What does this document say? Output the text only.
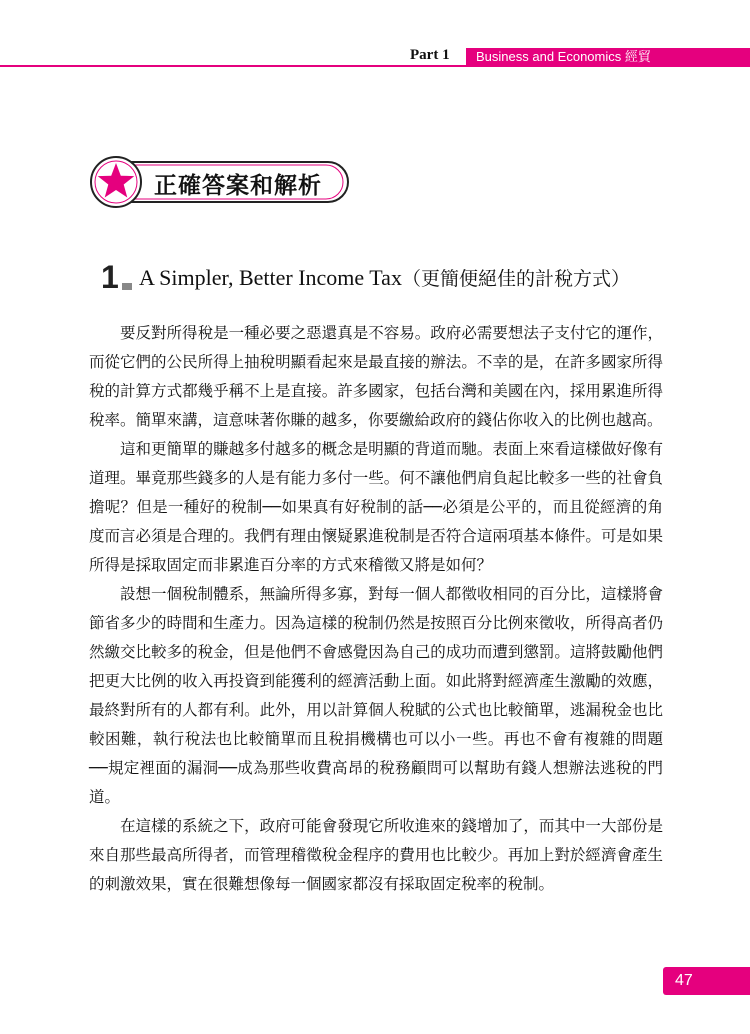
Part 1	Business and Economics 經貿
正確答案和解析
1 A Simpler, Better Income Tax（更簡便絕佳的計稅方式）

要反對所得稅是一種必要之惡還真是不容易。政府必需要想法子支付它的運作，而從它們的公民所得上抽稅明顯看起來是最直接的辦法。不幸的是，在許多國家所得稅的計算方式都幾乎稱不上是直接。許多國家，包括台灣和美國在內，採用累進所得稅率。簡單來講，這意味著你賺的越多，你要繳給政府的錢佔你收入的比例也越高。

這和更簡單的賺越多付越多的概念是明顯的背道而馳。表面上來看這樣做好像有道理。畢竟那些錢多的人是有能力多付一些。何不讓他們肩負起比較多一些的社會負擔呢？但是一種好的稅制──如果真有好稅制的話──必須是公平的，而且從經濟的角度而言必須是合理的。我們有理由懷疑累進稅制是否符合這兩項基本條件。可是如果所得是採取固定而非累進百分率的方式來稽徵又將是如何？

設想一個稅制體系，無論所得多寡，對每一個人都徵收相同的百分比，這樣將會節省多少的時間和生產力。因為這樣的稅制仍然是按照百分比例來徵收，所得高者仍然繳交比較多的稅金，但是他們不會感覺因為自己的成功而遭到懲罰。這將鼓勵他們把更大比例的收入再投資到能獲利的經濟活動上面。如此將對經濟產生激勵的效應，最終對所有的人都有利。此外，用以計算個人稅賦的公式也比較簡單，逃漏稅金也比較困難，執行稅法也比較簡單而且稅捐機構也可以小一些。再也不會有複雜的問題──規定裡面的漏洞──成為那些收費高昂的稅務顧問可以幫助有錢人想辦法逃稅的門道。

在這樣的系統之下，政府可能會發現它所收進來的錢增加了，而其中一大部份是來自那些最高所得者，而管理稽徵稅金程序的費用也比較少。再加上對於經濟會產生的刺激效果，實在很難想像每一個國家都沒有採取固定稅率的稅制。

47
